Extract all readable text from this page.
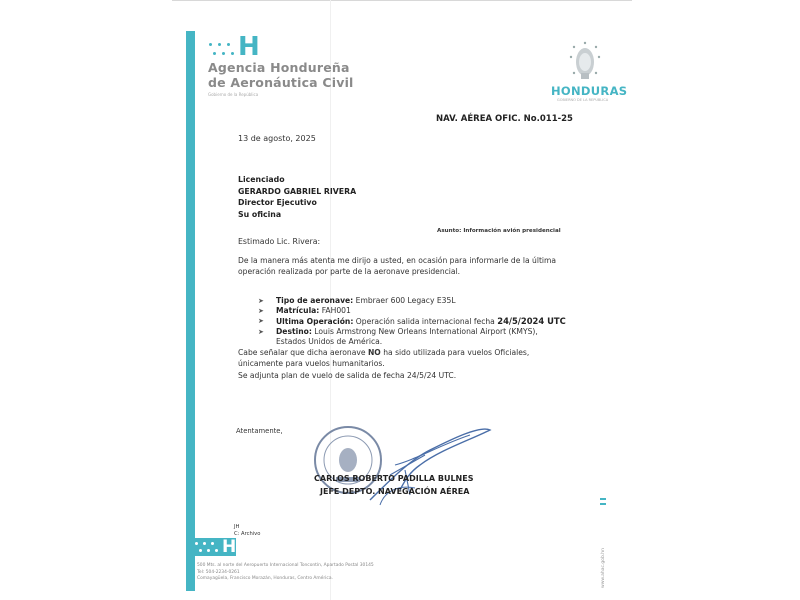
H
Agencia Hondureña
de Aeronáutica Civil
Gobierno de la República	HONDURAS
GOBIERNO DE LA REPÚBLICA
NAV. AÉREA OFIC. No.011-25
13 de agosto, 2025
Licenciado
GERARDO GABRIEL RIVERA
Director Ejecutivo
Su oficina
Asunto: Información avión presidencial
Estimado Lic. Rivera:
De la manera más atenta me dirijo a usted, en ocasión para informarle de la última operación realizada por parte de la aeronave presidencial.
➤ Tipo de aeronave: Embraer 600 Legacy E35L
➤ Matrícula: FAH001
➤ Ultima Operación: Operación salida internacional fecha 24/5/2024 UTC
➤ Destino: Louis Armstrong New Orleans International Airport (KMYS), Estados Unidos de América.
Cabe señalar que dicha aeronave NO ha sido utilizada para vuelos Oficiales, únicamente para vuelos humanitarios.
Se adjunta plan de vuelo de salida de fecha 24/5/24 UTC.
Atentamente,
CARLOS ROBERTO PADILLA BULNES
JEFE DEPTO. NAVEGACIÓN AÉREA
JH
C: Archivo
H
500 Mts. al norte del Aeropuerto Internacional Toncontín, Apartado Postal 30145
Tel: 504-2234-0261
Comayagüela, Francisco Morazán, Honduras, Centro América.	www.ahac.gob.hn
